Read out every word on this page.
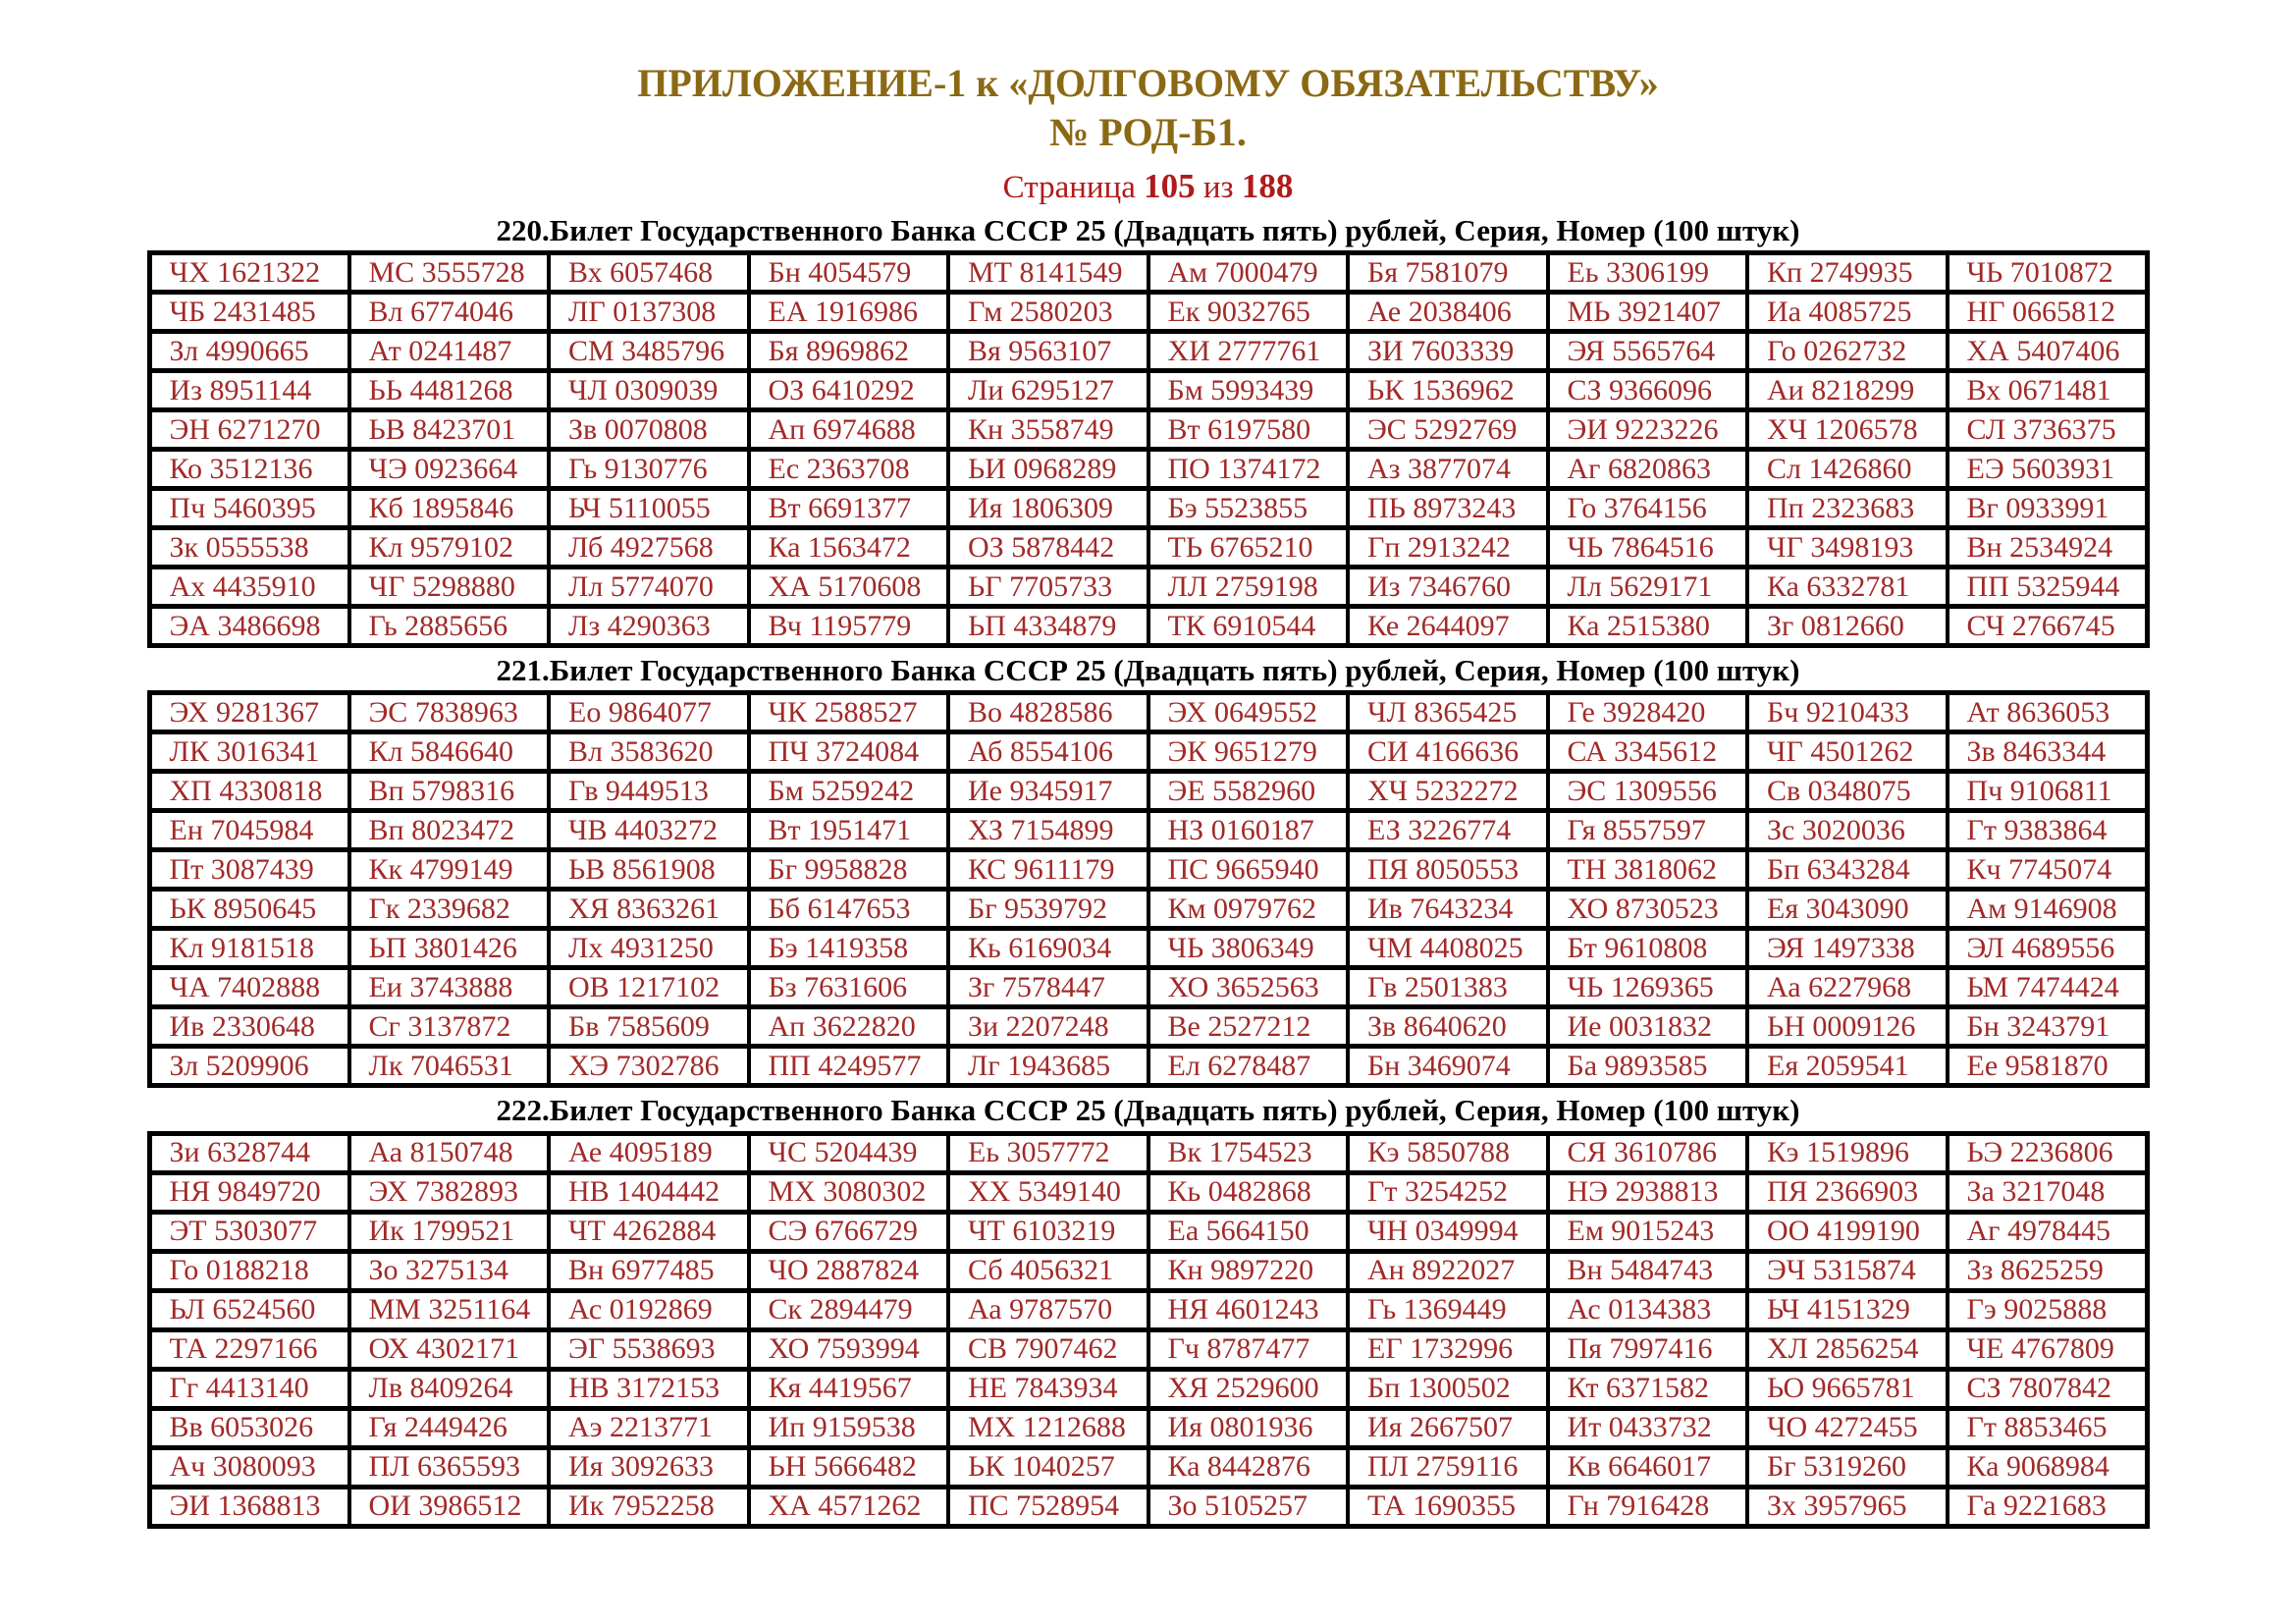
ПРИЛОЖЕНИЕ-1 к «ДОЛГОВОМУ ОБЯЗАТЕЛЬСТВУ»
№ РОД-Б1.
Страница 105 из 188
220.Билет Государственного Банка СССР 25 (Двадцать пять) рублей, Серия, Номер (100 штук)
ЧХ 1621322	МС 3555728	Вх 6057468	Бн 4054579	МТ 8141549	Ам 7000479	Бя 7581079	Еь 3306199	Кп 2749935	ЧЬ 7010872
ЧБ 2431485	Вл 6774046	ЛГ 0137308	ЕА 1916986	Гм 2580203	Ек 9032765	Ае 2038406	МЬ 3921407	Иа 4085725	НГ 0665812
Зл 4990665	Ат 0241487	СМ 3485796	Бя 8969862	Вя 9563107	ХИ 2777761	ЗИ 7603339	ЭЯ 5565764	Го 0262732	ХА 5407406
Из 8951144	ЬЬ 4481268	ЧЛ 0309039	ОЗ 6410292	Ли 6295127	Бм 5993439	ЬК 1536962	СЗ 9366096	Аи 8218299	Вх 0671481
ЭН 6271270	ЬВ 8423701	Зв 0070808	Ап 6974688	Кн 3558749	Вт 6197580	ЭС 5292769	ЭИ 9223226	ХЧ 1206578	СЛ 3736375
Ко 3512136	ЧЭ 0923664	Гь 9130776	Ес 2363708	ЬИ 0968289	ПО 1374172	Аз 3877074	Аг 6820863	Сл 1426860	ЕЭ 5603931
Пч 5460395	Кб 1895846	ЬЧ 5110055	Вт 6691377	Ия 1806309	Бэ 5523855	ПЬ 8973243	Го 3764156	Пп 2323683	Вг 0933991
Зк 0555538	Кл 9579102	Лб 4927568	Ка 1563472	ОЗ 5878442	ТЬ 6765210	Гп 2913242	ЧЬ 7864516	ЧГ 3498193	Вн 2534924
Ах 4435910	ЧГ 5298880	Лл 5774070	ХА 5170608	ЬГ 7705733	ЛЛ 2759198	Из 7346760	Лл 5629171	Ка 6332781	ПП 5325944
ЭА 3486698	Гь 2885656	Лз 4290363	Вч 1195779	ЬП 4334879	ТК 6910544	Ке 2644097	Ка 2515380	Зг 0812660	СЧ 2766745
221.Билет Государственного Банка СССР 25 (Двадцать пять) рублей, Серия, Номер (100 штук)
ЭХ 9281367	ЭС 7838963	Ео 9864077	ЧК 2588527	Во 4828586	ЭХ 0649552	ЧЛ 8365425	Ге 3928420	Бч 9210433	Ат 8636053
ЛК 3016341	Кл 5846640	Вл 3583620	ПЧ 3724084	Аб 8554106	ЭК 9651279	СИ 4166636	СА 3345612	ЧГ 4501262	Зв 8463344
ХП 4330818	Вп 5798316	Гв 9449513	Бм 5259242	Ие 9345917	ЭЕ 5582960	ХЧ 5232272	ЭС 1309556	Св 0348075	Пч 9106811
Ен 7045984	Вп 8023472	ЧВ 4403272	Вт 1951471	ХЗ 7154899	НЗ 0160187	ЕЗ 3226774	Гя 8557597	Зс 3020036	Гт 9383864
Пт 3087439	Кк 4799149	ЬВ 8561908	Бг 9958828	КС 9611179	ПС 9665940	ПЯ 8050553	ТН 3818062	Бп 6343284	Кч 7745074
ЬК 8950645	Гк 2339682	ХЯ 8363261	Бб 6147653	Бг 9539792	Км 0979762	Ив 7643234	ХО 8730523	Ея 3043090	Ам 9146908
Кл 9181518	ЬП 3801426	Лх 4931250	Бэ 1419358	Кь 6169034	ЧЬ 3806349	ЧМ 4408025	Бт 9610808	ЭЯ 1497338	ЭЛ 4689556
ЧА 7402888	Еи 3743888	ОВ 1217102	Бз 7631606	Зг 7578447	ХО 3652563	Гв 2501383	ЧЬ 1269365	Аа 6227968	ЬМ 7474424
Ив 2330648	Сг 3137872	Бв 7585609	Ап 3622820	Зи 2207248	Ве 2527212	Зв 8640620	Ие 0031832	ЬН 0009126	Бн 3243791
Зл 5209906	Лк 7046531	ХЭ 7302786	ПП 4249577	Лг 1943685	Ел 6278487	Бн 3469074	Ба 9893585	Ея 2059541	Ее 9581870
222.Билет Государственного Банка СССР 25 (Двадцать пять) рублей, Серия, Номер (100 штук)
Зи 6328744	Аа 8150748	Ае 4095189	ЧС 5204439	Еь 3057772	Вк 1754523	Кэ 5850788	СЯ 3610786	Кэ 1519896	ЬЭ 2236806
НЯ 9849720	ЭХ 7382893	НВ 1404442	МХ 3080302	ХХ 5349140	Кь 0482868	Гт 3254252	НЭ 2938813	ПЯ 2366903	За 3217048
ЭТ 5303077	Ик 1799521	ЧТ 4262884	СЭ 6766729	ЧТ 6103219	Еа 5664150	ЧН 0349994	Ем 9015243	ОО 4199190	Аг 4978445
Го 0188218	Зо 3275134	Вн 6977485	ЧО 2887824	Сб 4056321	Кн 9897220	Ан 8922027	Вн 5484743	ЭЧ 5315874	Зз 8625259
ЬЛ 6524560	ММ 3251164	Ас 0192869	Ск 2894479	Аа 9787570	НЯ 4601243	Гь 1369449	Ас 0134383	ЬЧ 4151329	Гэ 9025888
ТА 2297166	ОХ 4302171	ЭГ 5538693	ХО 7593994	СВ 7907462	Гч 8787477	ЕГ 1732996	Пя 7997416	ХЛ 2856254	ЧЕ 4767809
Гг 4413140	Лв 8409264	НВ 3172153	Кя 4419567	НЕ 7843934	ХЯ 2529600	Бп 1300502	Кт 6371582	ЬО 9665781	СЗ 7807842
Вв 6053026	Гя 2449426	Аэ 2213771	Ип 9159538	МХ 1212688	Ия 0801936	Ия 2667507	Ит 0433732	ЧО 4272455	Гт 8853465
Ач 3080093	ПЛ 6365593	Ия 3092633	ЬН 5666482	ЬК 1040257	Ка 8442876	ПЛ 2759116	Кв 6646017	Бг 5319260	Ка 9068984
ЭИ 1368813	ОИ 3986512	Ик 7952258	ХА 4571262	ПС 7528954	Зо 5105257	ТА 1690355	Гн 7916428	Зх 3957965	Га 9221683
